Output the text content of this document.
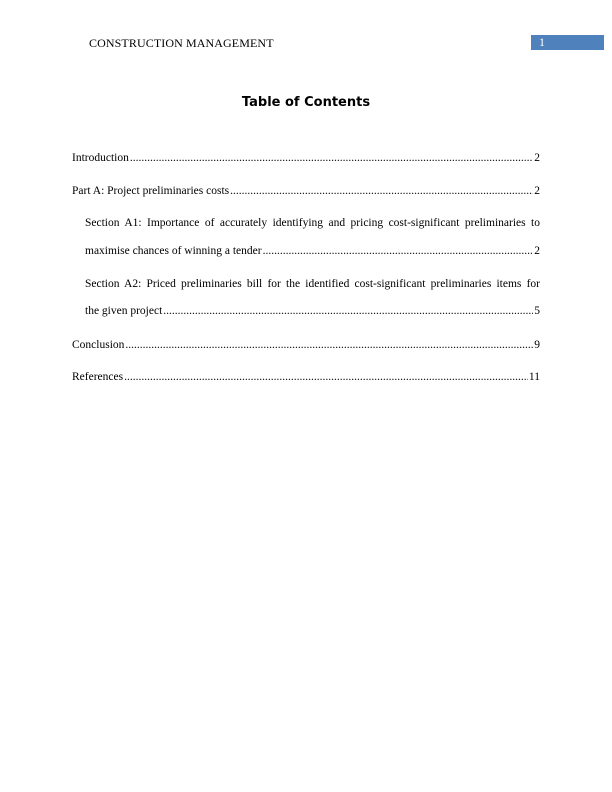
CONSTRUCTION MANAGEMENT	1
Table of Contents
Introduction .....	2
Part A: Project preliminaries costs .....	2
Section A1: Importance of accurately identifying and pricing cost-significant preliminaries to
maximise chances of winning a tender .....	2
Section A2: Priced preliminaries bill for the identified cost-significant preliminaries items for
the given project .....	5
Conclusion .....	9
References .....	11
